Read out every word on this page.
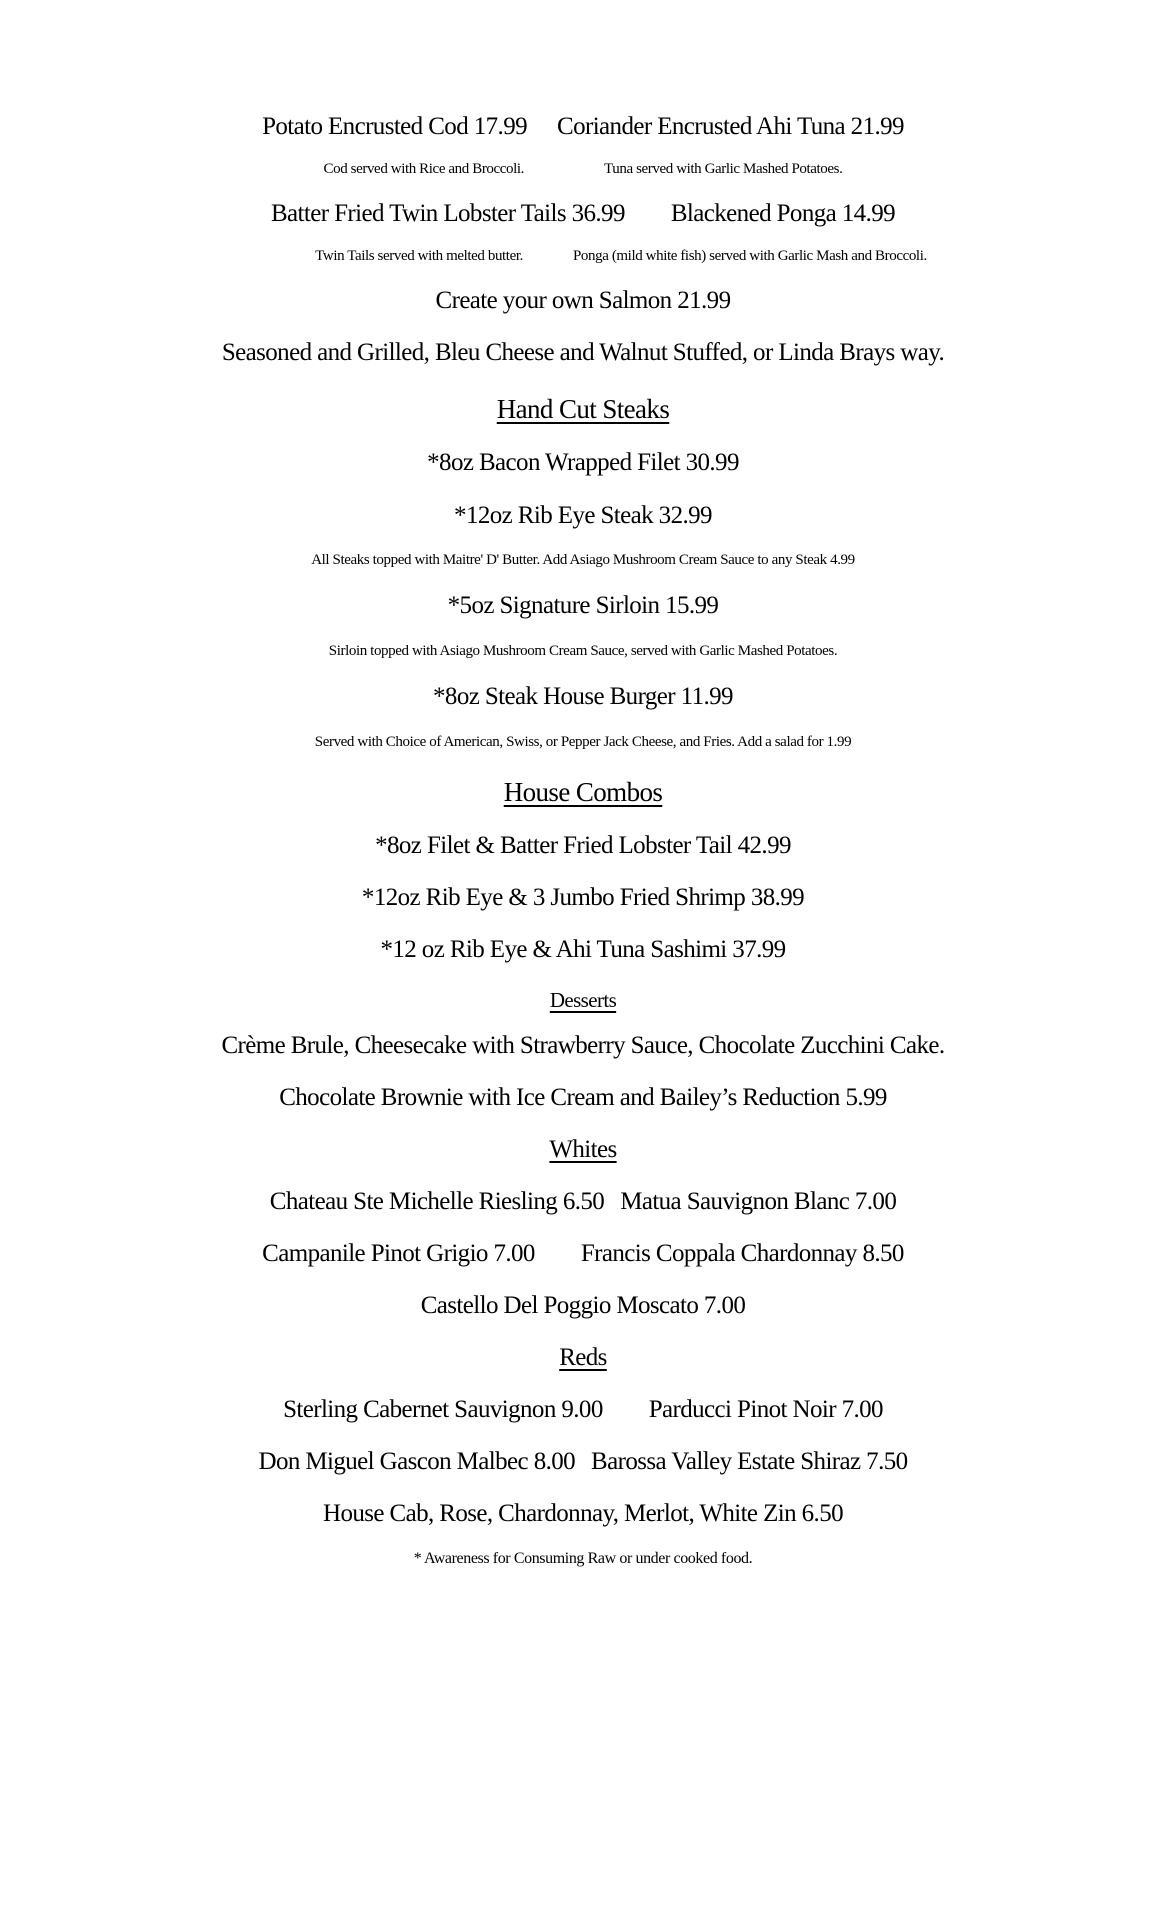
Potato Encrusted Cod 17.99 Coriander Encrusted Ahi Tuna 21.99
Cod served with Rice and Broccoli.	Tuna served with Garlic Mashed Potatoes.
Batter Fried Twin Lobster Tails 36.99 Blackened Ponga 14.99
Twin Tails served with melted butter.	Ponga (mild white fish) served with Garlic Mash and Broccoli.
Create your own Salmon 21.99
Seasoned and Grilled, Bleu Cheese and Walnut Stuffed, or Linda Brays way.
Hand Cut Steaks
*8oz Bacon Wrapped Filet 30.99
*12oz Rib Eye Steak 32.99
All Steaks topped with Maitre' D' Butter. Add Asiago Mushroom Cream Sauce to any Steak 4.99
*5oz Signature Sirloin 15.99
Sirloin topped with Asiago Mushroom Cream Sauce, served with Garlic Mashed Potatoes.
*8oz Steak House Burger 11.99
Served with Choice of American, Swiss, or Pepper Jack Cheese, and Fries. Add a salad for 1.99
House Combos
*8oz Filet & Batter Fried Lobster Tail 42.99
*12oz Rib Eye & 3 Jumbo Fried Shrimp 38.99
*12 oz Rib Eye & Ahi Tuna Sashimi 37.99
Desserts
Crème Brule, Cheesecake with Strawberry Sauce, Chocolate Zucchini Cake.
Chocolate Brownie with Ice Cream and Bailey’s Reduction 5.99
Whites
Chateau Ste Michelle Riesling 6.50 Matua Sauvignon Blanc 7.00
Campanile Pinot Grigio 7.00 Francis Coppala Chardonnay 8.50
Castello Del Poggio Moscato 7.00
Reds
Sterling Cabernet Sauvignon 9.00 Parducci Pinot Noir 7.00
Don Miguel Gascon Malbec 8.00 Barossa Valley Estate Shiraz 7.50
House Cab, Rose, Chardonnay, Merlot, White Zin 6.50
* Awareness for Consuming Raw or under cooked food.
